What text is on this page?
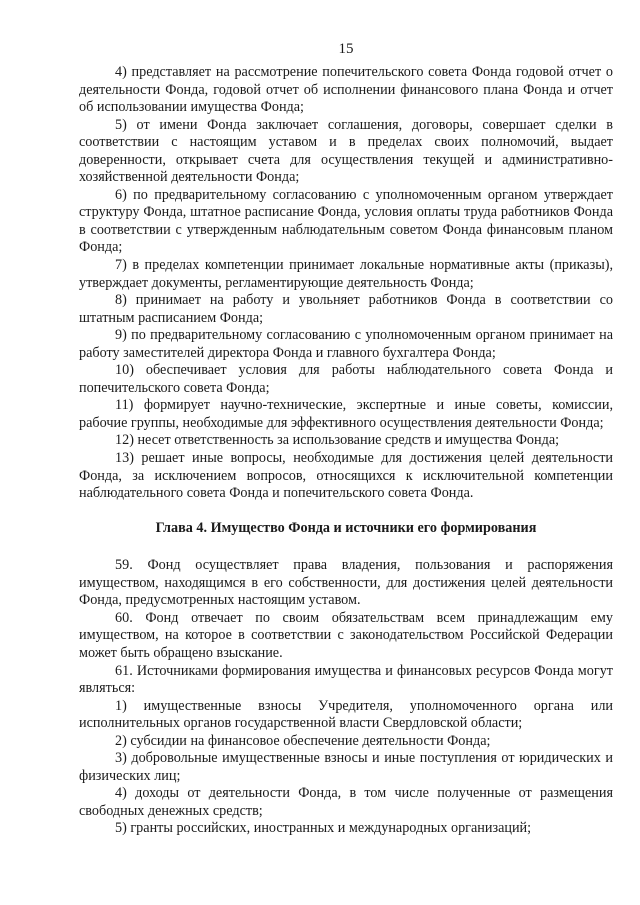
15

4) представляет на рассмотрение попечительского совета Фонда годовой отчет о деятельности Фонда, годовой отчет об исполнении финансового плана Фонда и отчет об использовании имущества Фонда;

5) от имени Фонда заключает соглашения, договоры, совершает сделки в соответствии с настоящим уставом и в пределах своих полномочий, выдает доверенности, открывает счета для осуществления текущей и административно-хозяйственной деятельности Фонда;

6) по предварительному согласованию с уполномоченным органом утверждает структуру Фонда, штатное расписание Фонда, условия оплаты труда работников Фонда в соответствии с утвержденным наблюдательным советом Фонда финансовым планом Фонда;

7) в пределах компетенции принимает локальные нормативные акты (приказы), утверждает документы, регламентирующие деятельность Фонда;

8) принимает на работу и увольняет работников Фонда в соответствии со штатным расписанием Фонда;

9) по предварительному согласованию с уполномоченным органом принимает на работу заместителей директора Фонда и главного бухгалтера Фонда;

10) обеспечивает условия для работы наблюдательного совета Фонда и попечительского совета Фонда;

11) формирует научно-технические, экспертные и иные советы, комиссии, рабочие группы, необходимые для эффективного осуществления деятельности Фонда;

12) несет ответственность за использование средств и имущества Фонда;

13) решает иные вопросы, необходимые для достижения целей деятельности Фонда, за исключением вопросов, относящихся к исключительной компетенции наблюдательного совета Фонда и попечительского совета Фонда.

Глава 4. Имущество Фонда и источники его формирования

59. Фонд осуществляет права владения, пользования и распоряжения имуществом, находящимся в его собственности, для достижения целей деятельности Фонда, предусмотренных настоящим уставом.

60. Фонд отвечает по своим обязательствам всем принадлежащим ему имуществом, на которое в соответствии с законодательством Российской Федерации может быть обращено взыскание.

61. Источниками формирования имущества и финансовых ресурсов Фонда могут являться:

1) имущественные взносы Учредителя, уполномоченного органа или исполнительных органов государственной власти Свердловской области;

2) субсидии на финансовое обеспечение деятельности Фонда;

3) добровольные имущественные взносы и иные поступления от юридических и физических лиц;

4) доходы от деятельности Фонда, в том числе полученные от размещения свободных денежных средств;

5) гранты российских, иностранных и международных организаций;
